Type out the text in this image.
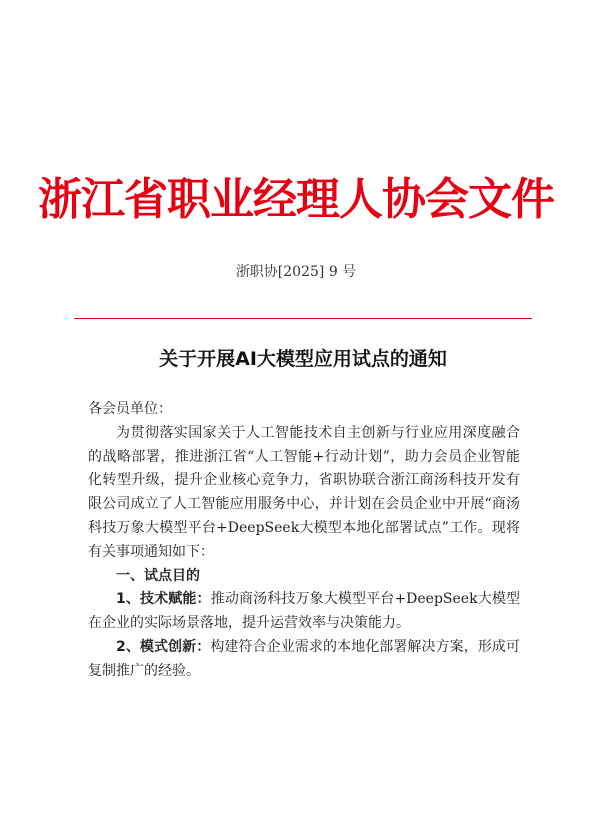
浙江省职业经理人协会文件
浙职协[2025] 9 号
关于开展AI大模型应用试点的通知

各会员单位：

为贯彻落实国家关于人工智能技术自主创新与行业应用深度融合的战略部署，推进浙江省“人工智能+行动计划”，助力会员企业智能化转型升级，提升企业核心竞争力，省职协联合浙江商汤科技开发有限公司成立了人工智能应用服务中心，并计划在会员企业中开展“商汤科技万象大模型平台+DeepSeek大模型本地化部署试点”工作。现将有关事项通知如下：

一、试点目的

1、技术赋能：推动商汤科技万象大模型平台+DeepSeek大模型在企业的实际场景落地，提升运营效率与决策能力。

2、模式创新：构建符合企业需求的本地化部署解决方案，形成可复制推广的经验。
